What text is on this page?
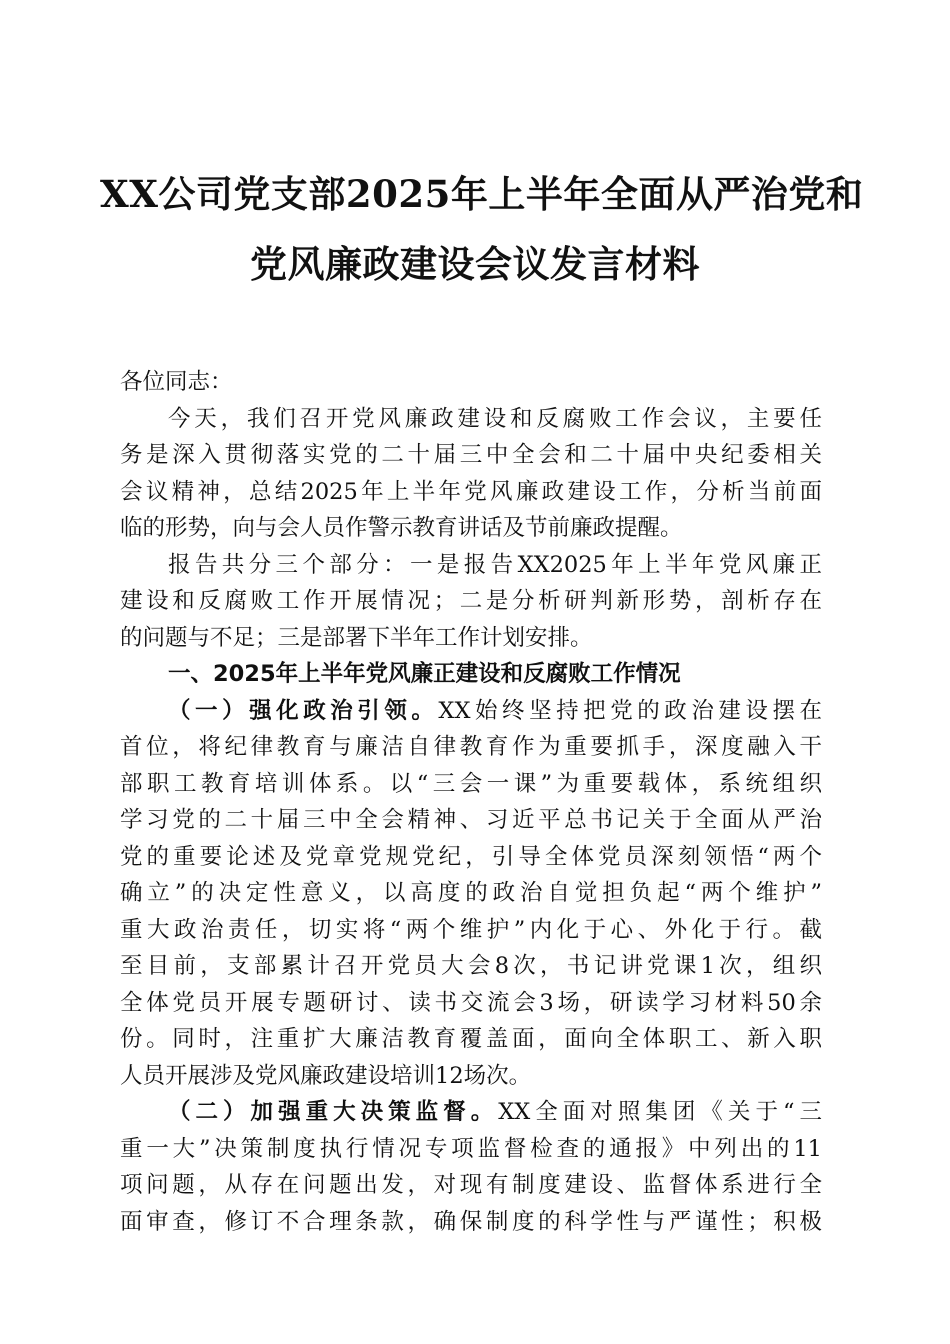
XX公司党支部2025年上半年全面从严治党和
党风廉政建设会议发言材料
各位同志：
今天，我们召开党风廉政建设和反腐败工作会议，主要任
务是深入贯彻落实党的二十届三中全会和二十届中央纪委相关
会议精神，总结2025年上半年党风廉政建设工作，分析当前面
临的形势，向与会人员作警示教育讲话及节前廉政提醒。
报告共分三个部分：一是报告XX2025年上半年党风廉正
建设和反腐败工作开展情况；二是分析研判新形势，剖析存在
的问题与不足；三是部署下半年工作计划安排。
一、2025年上半年党风廉正建设和反腐败工作情况
（一）强化政治引领。XX始终坚持把党的政治建设摆在
首位，将纪律教育与廉洁自律教育作为重要抓手，深度融入干
部职工教育培训体系。以“三会一课”为重要载体，系统组织
学习党的二十届三中全会精神、习近平总书记关于全面从严治
党的重要论述及党章党规党纪，引导全体党员深刻领悟“两个
确立”的决定性意义，以高度的政治自觉担负起“两个维护”
重大政治责任，切实将“两个维护”内化于心、外化于行。截
至目前，支部累计召开党员大会8次，书记讲党课1次，组织
全体党员开展专题研讨、读书交流会3场，研读学习材料50余
份。同时，注重扩大廉洁教育覆盖面，面向全体职工、新入职
人员开展涉及党风廉政建设培训12场次。
（二）加强重大决策监督。XX全面对照集团《关于“三
重一大”决策制度执行情况专项监督检查的通报》中列出的11
项问题，从存在问题出发，对现有制度建设、监督体系进行全
面审查，修订不合理条款，确保制度的科学性与严谨性；积极
